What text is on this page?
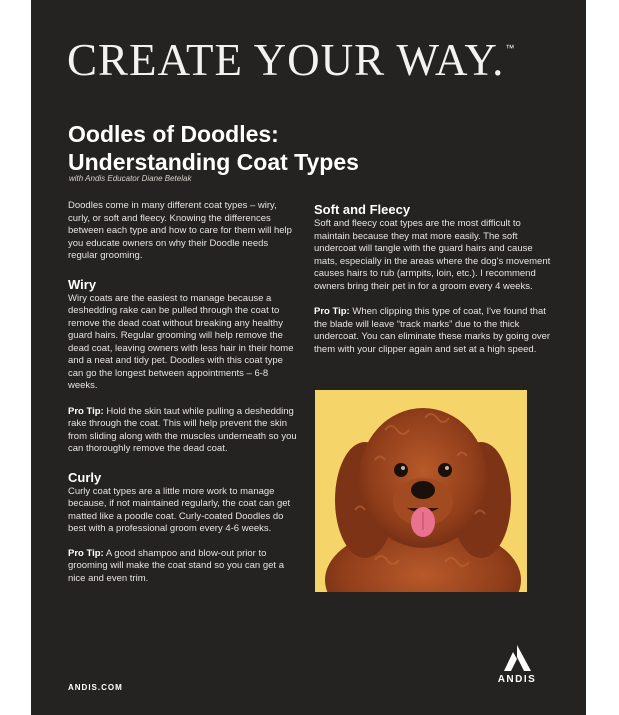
CREATE YOUR WAY.™
Oodles of Doodles:
Understanding Coat Types
with Andis Educator Diane Betelak

Doodles come in many different coat types – wiry, curly, or soft and fleecy. Knowing the differences between each type and how to care for them will help you educate owners on why their Doodle needs regular grooming.

Wiry

Wiry coats are the easiest to manage because a deshedding rake can be pulled through the coat to remove the dead coat without breaking any healthy guard hairs. Regular grooming will help remove the dead coat, leaving owners with less hair in their home and a neat and tidy pet. Doodles with this coat type can go the longest between appointments – 6-8 weeks.

Pro Tip: Hold the skin taut while pulling a deshedding rake through the coat. This will help prevent the skin from sliding along with the muscles underneath so you can thoroughly remove the dead coat.

Curly

Curly coat types are a little more work to manage because, if not maintained regularly, the coat can get matted like a poodle coat. Curly-coated Doodles do best with a professional groom every 4-6 weeks.

Pro Tip: A good shampoo and blow-out prior to grooming will make the coat stand so you can get a nice and even trim.

Soft and Fleecy

Soft and fleecy coat types are the most difficult to maintain because they mat more easily. The soft undercoat will tangle with the guard hairs and cause mats, especially in the areas where the dog's movement causes hairs to rub (armpits, loin, etc.). I recommend owners bring their pet in for a groom every 4 weeks.

Pro Tip: When clipping this type of coat, I've found that the blade will leave “track marks” due to the thick undercoat. You can eliminate these marks by going over them with your clipper again and set at a high speed.

ANDIS.COM
ANDIS
